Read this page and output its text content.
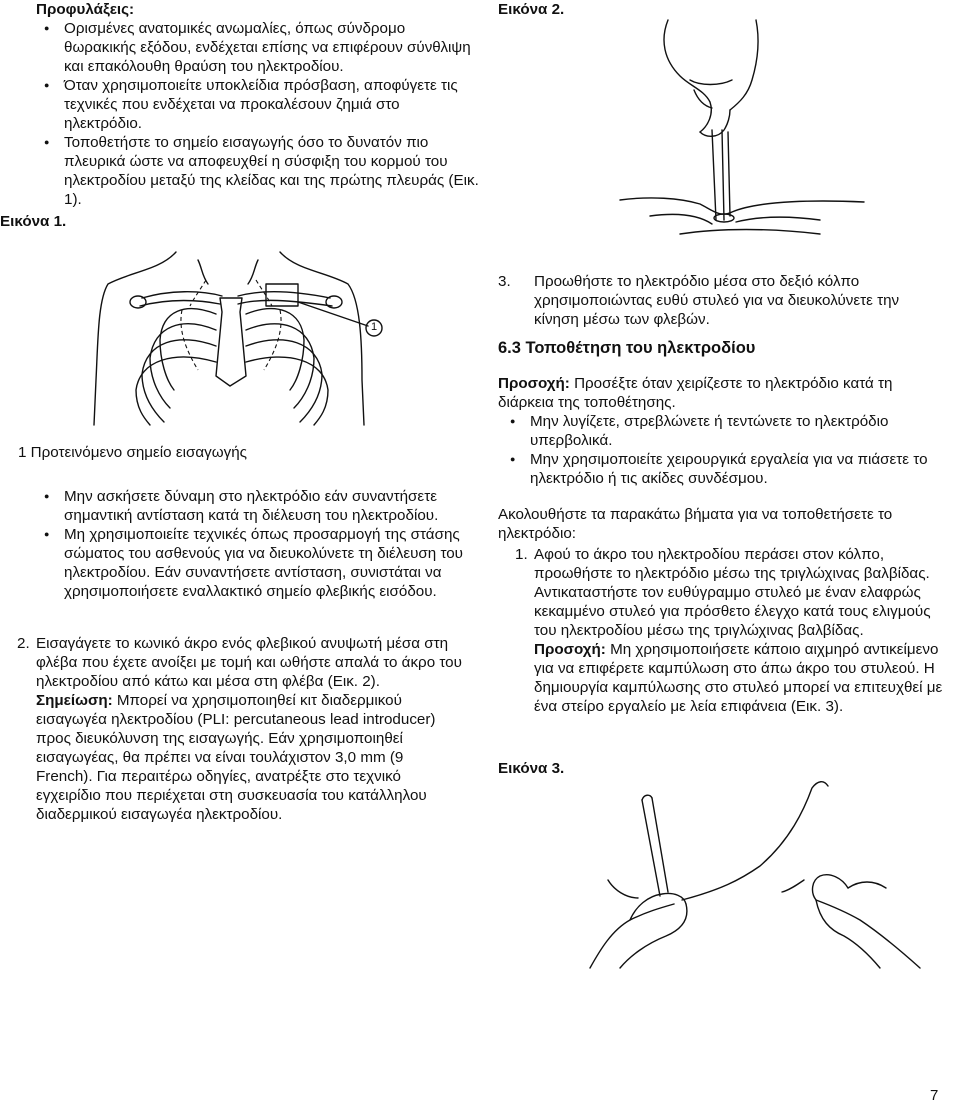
Προφυλάξεις:

● Ορισμένες ανατομικές ανωμαλίες, όπως σύνδρομο θωρακικής εξόδου, ενδέχεται επίσης να επιφέρουν σύνθλιψη και επακόλουθη θραύση του ηλεκτροδίου.

● Όταν χρησιμοποιείτε υποκλείδια πρόσβαση, αποφύγετε τις τεχνικές που ενδέχεται να προκαλέσουν ζημιά στο ηλεκτρόδιο.

● Τοποθετήστε το σημείο εισαγωγής όσο το δυνατόν πιο πλευρικά ώστε να αποφευχθεί η σύσφιξη του κορμού του ηλεκτροδίου μεταξύ της κλείδας και της πρώτης πλευράς (Εικ. 1).

Εικόνα 1.
1
1 Προτεινόμενο σημείο εισαγωγής

● Μην ασκήσετε δύναμη στο ηλεκτρόδιο εάν συναντήσετε σημαντική αντίσταση κατά τη διέλευση του ηλεκτροδίου.

● Μη χρησιμοποιείτε τεχνικές όπως προσαρμογή της στάσης σώματος του ασθενούς για να διευκολύνετε τη διέλευση του ηλεκτροδίου. Εάν συναντήσετε αντίσταση, συνιστάται να χρησιμοποιήσετε εναλλακτικό σημείο φλεβικής εισόδου.

2. Εισαγάγετε το κωνικό άκρο ενός φλεβικού ανυψωτή μέσα στη φλέβα που έχετε ανοίξει με τομή και ωθήστε απαλά το άκρο του ηλεκτροδίου από κάτω και μέσα στη φλέβα (Εικ. 2).

Σημείωση: Μπορεί να χρησιμοποιηθεί κιτ διαδερμικού εισαγωγέα ηλεκτροδίου (PLI: percutaneous lead introducer) προς διευκόλυνση της εισαγωγής. Εάν χρησιμοποιηθεί εισαγωγέας, θα πρέπει να είναι τουλάχιστον 3,0 mm (9 French). Για περαιτέρω οδηγίες, ανατρέξτε στο τεχνικό εγχειρίδιο που περιέχεται στη συσκευασία του κατάλληλου διαδερμικού εισαγωγέα ηλεκτροδίου.

Εικόνα 2.

3. Προωθήστε το ηλεκτρόδιο μέσα στο δεξιό κόλπο χρησιμοποιώντας ευθύ στυλεό για να διευκολύνετε την κίνηση μέσω των φλεβών.

6.3 Τοποθέτηση του ηλεκτροδίου

Προσοχή: Προσέξτε όταν χειρίζεστε το ηλεκτρόδιο κατά τη διάρκεια της τοποθέτησης.

● Μην λυγίζετε, στρεβλώνετε ή τεντώνετε το ηλεκτρόδιο υπερβολικά.

● Μην χρησιμοποιείτε χειρουργικά εργαλεία για να πιάσετε το ηλεκτρόδιο ή τις ακίδες συνδέσμου.

Ακολουθήστε τα παρακάτω βήματα για να τοποθετήσετε το ηλεκτρόδιο:

1. Αφού το άκρο του ηλεκτροδίου περάσει στον κόλπο, προωθήστε το ηλεκτρόδιο μέσω της τριγλώχινας βαλβίδας. Αντικαταστήστε τον ευθύγραμμο στυλεό με έναν ελαφρώς κεκαμμένο στυλεό για πρόσθετο έλεγχο κατά τους ελιγμούς του ηλεκτροδίου μέσω της τριγλώχινας βαλβίδας.

Προσοχή: Μη χρησιμοποιήσετε κάποιο αιχμηρό αντικείμενο για να επιφέρετε καμπύλωση στο άπω άκρο του στυλεού. Η δημιουργία καμπύλωσης στο στυλεό μπορεί να επιτευχθεί με ένα στείρο εργαλείο με λεία επιφάνεια (Εικ. 3).

Εικόνα 3.
7
